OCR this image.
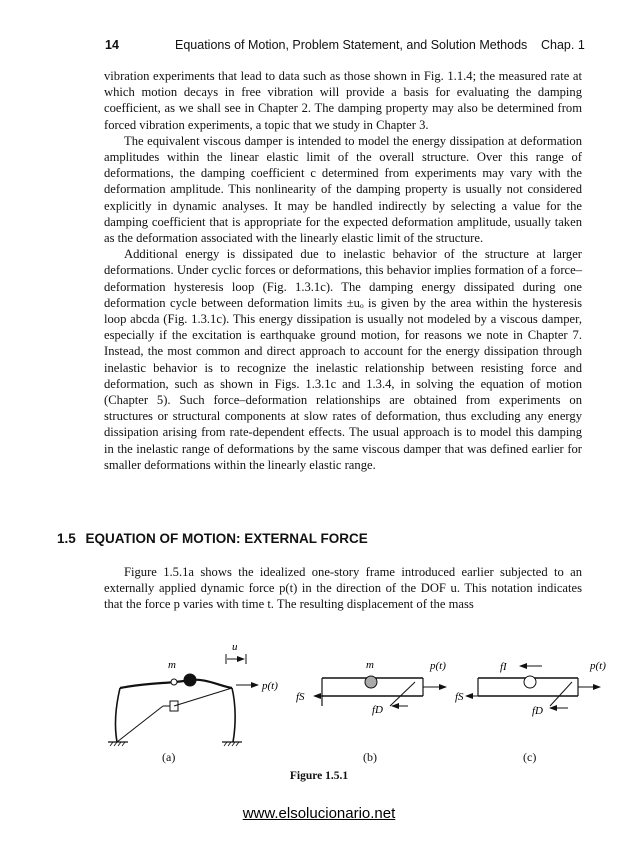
14	Equations of Motion, Problem Statement, and Solution Methods Chap. 1

vibration experiments that lead to data such as those shown in Fig. 1.1.4; the measured rate at which motion decays in free vibration will provide a basis for evaluating the damping coefficient, as we shall see in Chapter 2. The damping property may also be determined from forced vibration experiments, a topic that we study in Chapter 3.

The equivalent viscous damper is intended to model the energy dissipation at deformation amplitudes within the linear elastic limit of the overall structure. Over this range of deformations, the damping coefficient c determined from experiments may vary with the deformation amplitude. This nonlinearity of the damping property is usually not considered explicitly in dynamic analyses. It may be handled indirectly by selecting a value for the damping coefficient that is appropriate for the expected deformation amplitude, usually taken as the deformation associated with the linearly elastic limit of the structure.

Additional energy is dissipated due to inelastic behavior of the structure at larger deformations. Under cyclic forces or deformations, this behavior implies formation of a force–deformation hysteresis loop (Fig. 1.3.1c). The damping energy dissipated during one deformation cycle between deformation limits ±uₒ is given by the area within the hysteresis loop abcda (Fig. 1.3.1c). This energy dissipation is usually not modeled by a viscous damper, especially if the excitation is earthquake ground motion, for reasons we note in Chapter 7. Instead, the most common and direct approach to account for the energy dissipation through inelastic behavior is to recognize the inelastic relationship between resisting force and deformation, such as shown in Figs. 1.3.1c and 1.3.4, in solving the equation of motion (Chapter 5). Such force–deformation relationships are obtained from experiments on structures or structural components at slow rates of deformation, thus excluding any energy dissipation arising from rate-dependent effects. The usual approach is to model this damping in the inelastic range of deformations by the same viscous damper that was defined earlier for smaller deformations within the linearly elastic range.

1.5 EQUATION OF MOTION: EXTERNAL FORCE

Figure 1.5.1a shows the idealized one-story frame introduced earlier subjected to an externally applied dynamic force p(t) in the direction of the DOF u. This notation indicates that the force p varies with time t. The resulting displacement of the mass

m
u
p(t)
m	p(t)
fS
fD
fI	p(t)
fS
fD
(a)	(b)	(c)
Figure 1.5.1
www.elsolucionario.net
